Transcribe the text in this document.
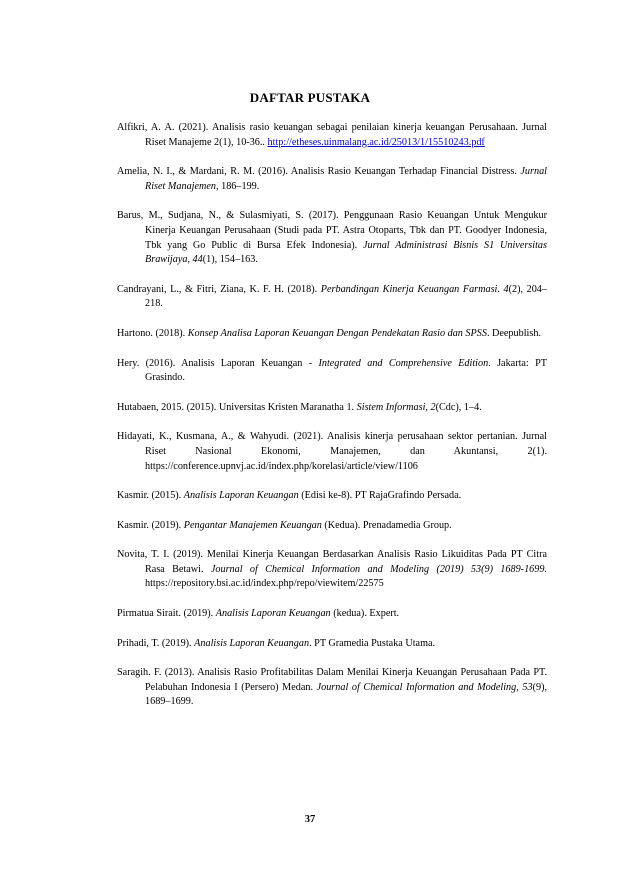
DAFTAR PUSTAKA

Alfikri, A. A. (2021). Analisis rasio keuangan sebagai penilaian kinerja keuangan Perusahaan. Jurnal Riset Manajeme 2(1), 10-36.. http://etheses.uinmalang.ac.id/25013/1/15510243.pdf

Amelia, N. I., & Mardani, R. M. (2016). Analisis Rasio Keuangan Terhadap Financial Distress. Jurnal Riset Manajemen, 186–199.

Barus, M., Sudjana, N., & Sulasmiyati, S. (2017). Penggunaan Rasio Keuangan Untuk Mengukur Kinerja Keuangan Perusahaan (Studi pada PT. Astra Otoparts, Tbk dan PT. Goodyer Indonesia, Tbk yang Go Public di Bursa Efek Indonesia). Jurnal Administrasi Bisnis S1 Universitas Brawijaya, 44(1), 154–163.

Candrayani, L., & Fitri, Ziana, K. F. H. (2018). Perbandingan Kinerja Keuangan Farmasi. 4(2), 204–218.

Hartono. (2018). Konsep Analisa Laporan Keuangan Dengan Pendekatan Rasio dan SPSS. Deepublish.

Hery. (2016). Analisis Laporan Keuangan - Integrated and Comprehensive Edition. Jakarta: PT Grasindo.

Hutabaen, 2015. (2015). Universitas Kristen Maranatha 1. Sistem Informasi, 2(Cdc), 1–4.

Hidayati, K., Kusmana, A., & Wahyudi. (2021). Analisis kinerja perusahaan sektor pertanian. Jurnal Riset Nasional Ekonomi, Manajemen, dan Akuntansi, 2(1). https://conference.upnvj.ac.id/index.php/korelasi/article/view/1106

Kasmir. (2015). Analisis Laporan Keuangan (Edisi ke-8). PT RajaGrafindo Persada.

Kasmir. (2019). Pengantar Manajemen Keuangan (Kedua). Prenadamedia Group.

Novita, T. I. (2019). Menilai Kinerja Keuangan Berdasarkan Analisis Rasio Likuiditas Pada PT Citra Rasa Betawi. Journal of Chemical Information and Modeling (2019) 53(9) 1689-1699. https://repository.bsi.ac.id/index.php/repo/viewitem/22575

Pirmatua Sirait. (2019). Analisis Laporan Keuangan (kedua). Expert.

Prihadi, T. (2019). Analisis Laporan Keuangan. PT Gramedia Pustaka Utama.

Saragih. F. (2013). Analisis Rasio Profitabilitas Dalam Menilai Kinerja Keuangan Perusahaan Pada PT. Pelabuhan Indonesia I (Persero) Medan. Journal of Chemical Information and Modeling, 53(9), 1689–1699.

37
